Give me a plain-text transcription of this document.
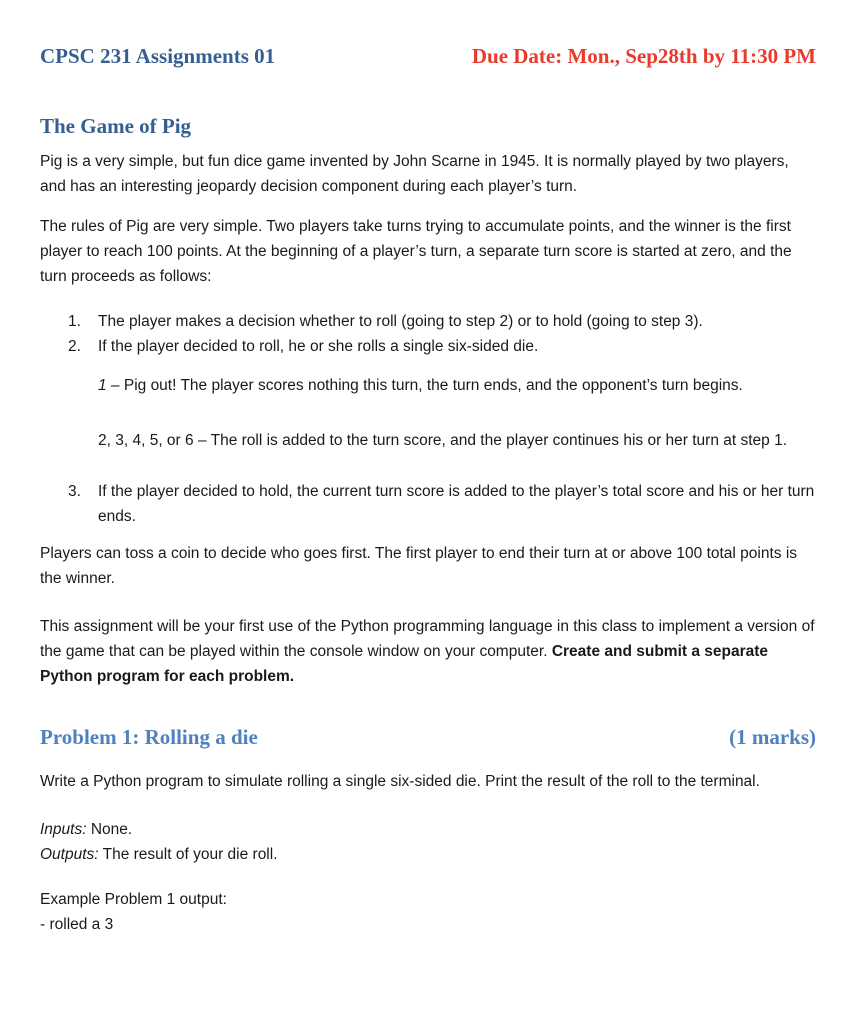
CPSC 231 Assignments 01	Due Date: Mon., Sep28th by 11:30 PM
The Game of Pig

Pig is a very simple, but fun dice game invented by John Scarne in 1945. It is normally played by two players, and has an interesting jeopardy decision component during each player’s turn.

The rules of Pig are very simple. Two players take turns trying to accumulate points, and the winner is the first player to reach 100 points. At the beginning of a player’s turn, a separate turn score is started at zero, and the turn proceeds as follows:

1.	The player makes a decision whether to roll (going to step 2) or to hold (going to step 3).
2.	If the player decided to roll, he or she rolls a single six-sided die.

1 – Pig out! The player scores nothing this turn, the turn ends, and the opponent’s turn begins.

2, 3, 4, 5, or 6 – The roll is added to the turn score, and the player continues his or her turn at step 1.

3.	If the player decided to hold, the current turn score is added to the player’s total score and his or her turn ends.

Players can toss a coin to decide who goes first. The first player to end their turn at or above 100 total points is the winner.

This assignment will be your first use of the Python programming language in this class to implement a version of the game that can be played within the console window on your computer. Create and submit a separate Python program for each problem.

Problem 1: Rolling a die	(1 marks)

Write a Python program to simulate rolling a single six-sided die. Print the result of the roll to the terminal.

Inputs: None.

Outputs: The result of your die roll.

Example Problem 1 output:

- rolled a 3
